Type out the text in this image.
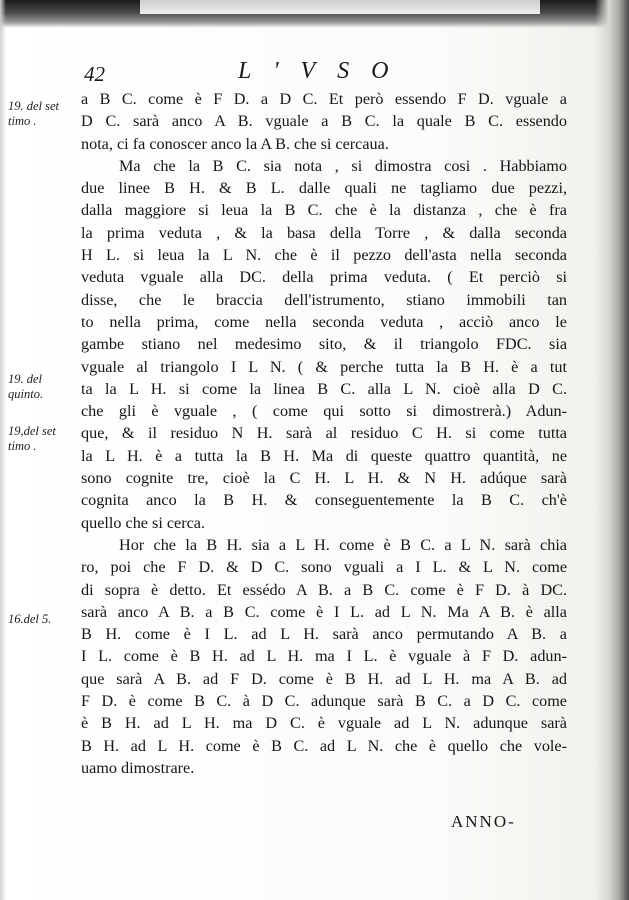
42	L'VSO
19. del set
timo .
19. del
quinto.
19,del set
timo .
16.del 5.
a B C. come è F D. a D C. Et però essendo F D. vguale a
D C. sarà anco A B. vguale a B C. la quale B C. essendo
nota, ci fa conoscer anco la A B. che si cercaua.
Ma che la B C. sia nota , si dimostra cosi . Habbiamo
due linee B H. & B L. dalle quali ne tagliamo due pezzi,
dalla maggiore si leua la B C. che è la distanza , che è fra
la prima veduta , & la basa della Torre , & dalla seconda
H L. si leua la L N. che è il pezzo dell'asta nella seconda
veduta vguale alla DC. della prima veduta. ( Et perciò si
disse, che le braccia dell'istrumento, stiano immobili tan
to nella prima, come nella seconda veduta , acciò anco le
gambe stiano nel medesimo sito, & il triangolo FDC. sia
vguale al triangolo I L N. ( & perche tutta la B H. è a tut
ta la L H. si come la linea B C. alla L N. cioè alla D C.
che gli è vguale , ( come qui sotto si dimostrerà.) Adun-
que, & il residuo N H. sarà al residuo C H. si come tutta
la L H. è a tutta la B H. Ma di queste quattro quantità, ne
sono cognite tre, cioè la C H. L H. & N H. adúque sarà
cognita anco la B H. & conseguentemente la B C. ch'è
quello che si cerca.
Hor che la B H. sia a L H. come è B C. a L N. sarà chia
ro, poi che F D. & D C. sono vguali a I L. & L N. come
di sopra è detto. Et essédo A B. a B C. come è F D. à DC.
sarà anco A B. a B C. come è I L. ad L N. Ma A B. è alla
B H. come è I L. ad L H. sarà anco permutando A B. a
I L. come è B H. ad L H. ma I L. è vguale à F D. adun-
que sarà A B. ad F D. come è B H. ad L H. ma A B. ad
F D. è come B C. à D C. adunque sarà B C. a D C. come
è B H. ad L H. ma D C. è vguale ad L N. adunque sarà
B H. ad L H. come è B C. ad L N. che è quello che vole-
uamo dimostrare.
ANNO-
